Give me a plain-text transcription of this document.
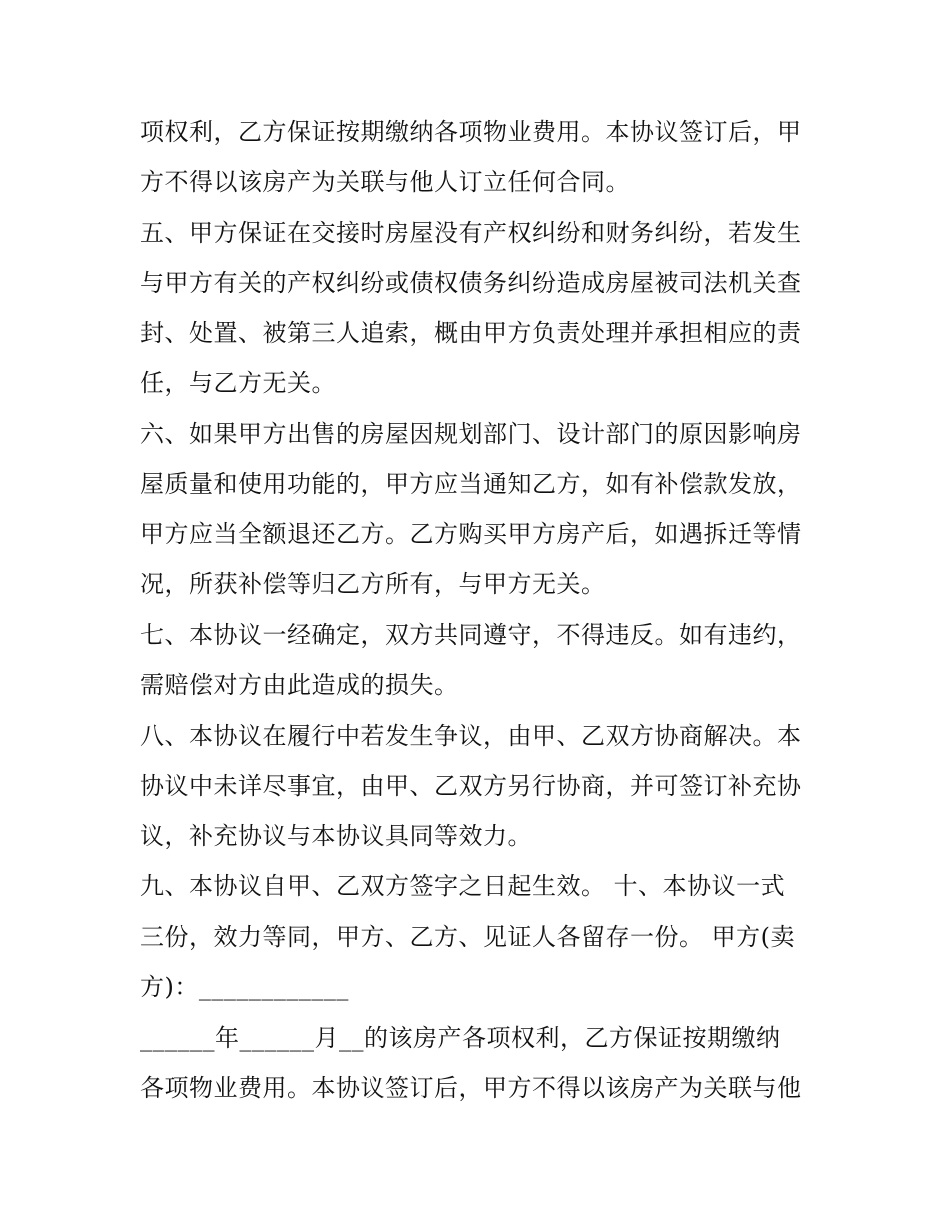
项权利，乙方保证按期缴纳各项物业费用。本协议签订后，甲
方不得以该房产为关联与他人订立任何合同。
五、甲方保证在交接时房屋没有产权纠纷和财务纠纷，若发生
与甲方有关的产权纠纷或债权债务纠纷造成房屋被司法机关查
封、处置、被第三人追索，概由甲方负责处理并承担相应的责
任，与乙方无关。
六、如果甲方出售的房屋因规划部门、设计部门的原因影响房
屋质量和使用功能的，甲方应当通知乙方，如有补偿款发放，
甲方应当全额退还乙方。乙方购买甲方房产后，如遇拆迁等情
况，所获补偿等归乙方所有，与甲方无关。
七、本协议一经确定，双方共同遵守，不得违反。如有违约，
需赔偿对方由此造成的损失。
八、本协议在履行中若发生争议，由甲、乙双方协商解决。本
协议中未详尽事宜，由甲、乙双方另行协商，并可签订补充协
议，补充协议与本协议具同等效力。
九、本协议自甲、乙双方签字之日起生效。 十、本协议一式
三份，效力等同，甲方、乙方、见证人各留存一份。 甲方(卖
方)：____________
______年______月__的该房产各项权利，乙方保证按期缴纳
各项物业费用。本协议签订后，甲方不得以该房产为关联与他
